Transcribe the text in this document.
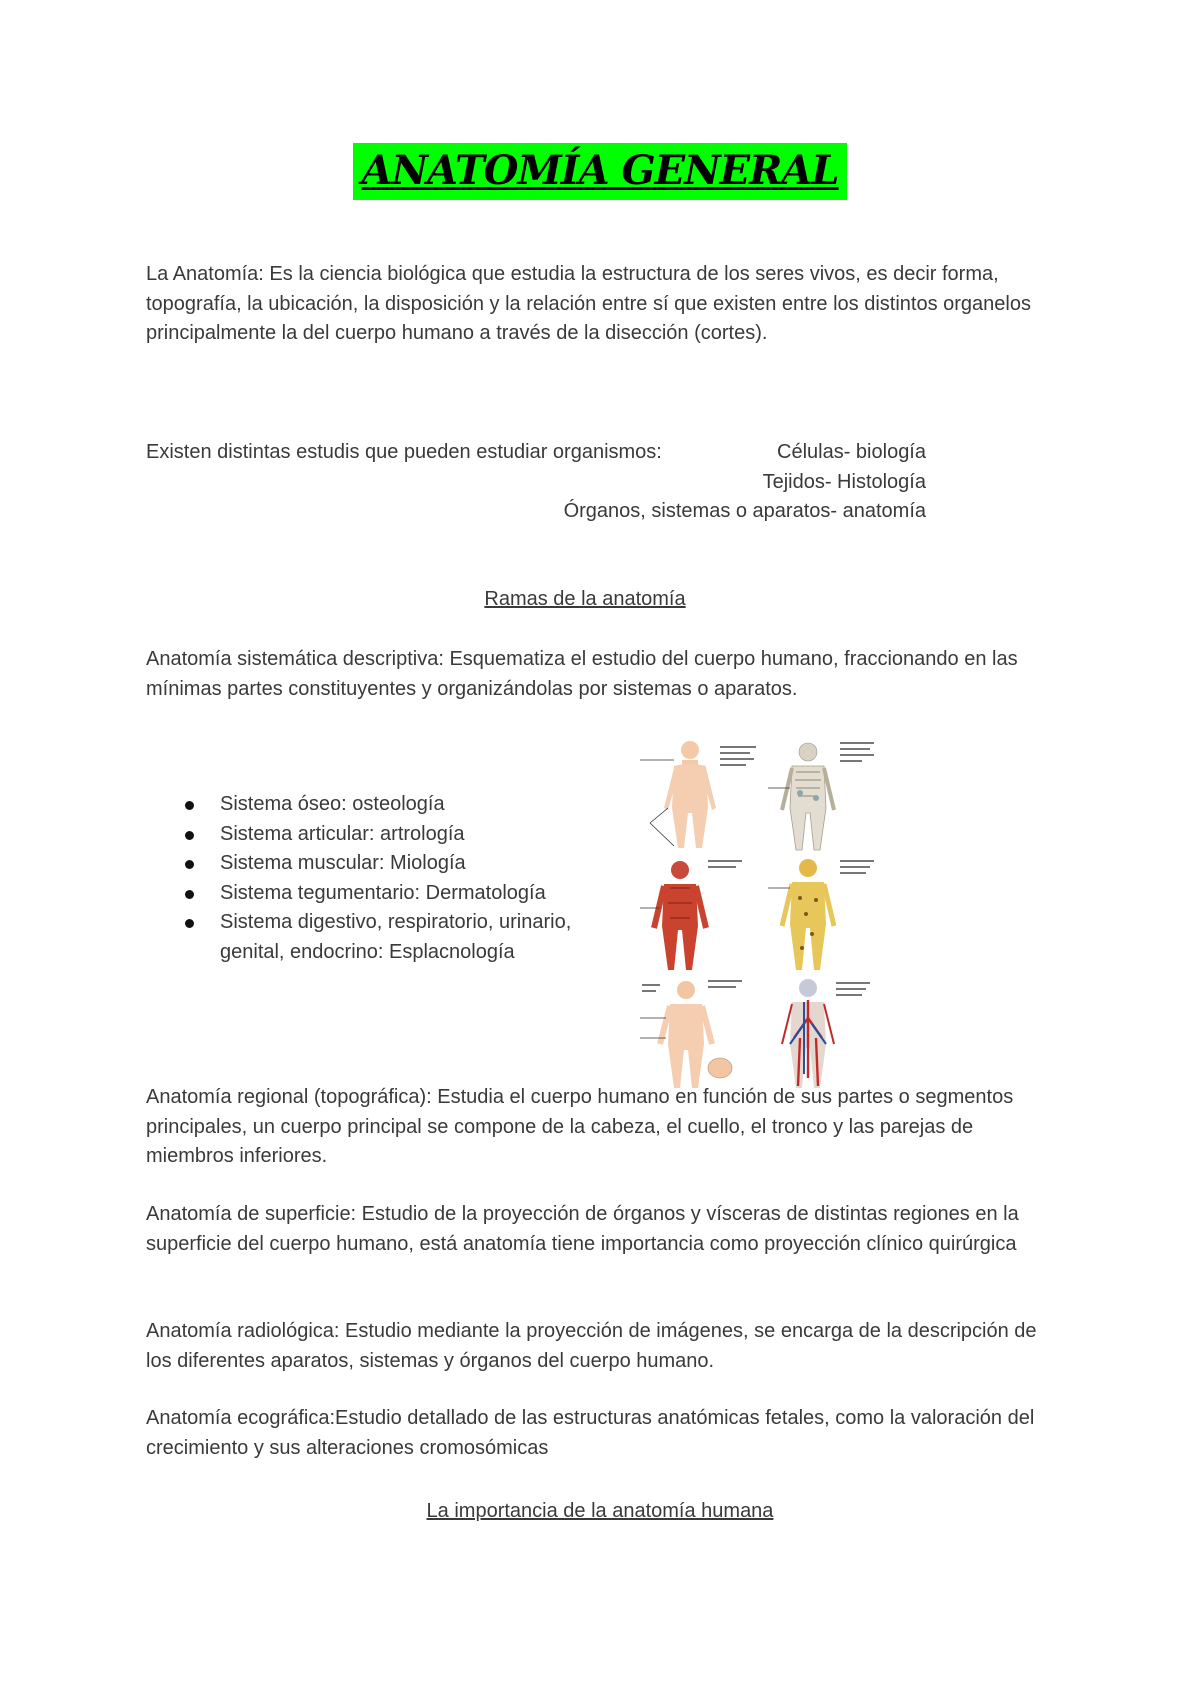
ANATOMÍA GENERAL

La Anatomía: Es la ciencia biológica que estudia la estructura de los seres vivos, es decir forma, topografía, la ubicación, la disposición y la relación entre sí que existen entre los distintos organelos principalmente la del cuerpo humano a través de la disección (cortes).

Existen distintas estudis que pueden estudiar organismos:	Células- biología
Tejidos- Histología
Órganos, sistemas o aparatos- anatomía

Ramas de la anatomía

Anatomía sistemática descriptiva: Esquematiza el estudio del cuerpo humano, fraccionando en las mínimas partes constituyentes y organizándolas por sistemas o aparatos.

Sistema óseo: osteología
Sistema articular: artrología
Sistema muscular: Miología
Sistema tegumentario: Dermatología
Sistema digestivo, respiratorio, urinario, genital, endocrino: Esplacnología

Anatomía regional (topográfica): Estudia el cuerpo humano en función de sus partes o segmentos principales, un cuerpo principal se compone de la cabeza, el cuello, el tronco y las parejas de miembros inferiores.

Anatomía de superficie: Estudio de la proyección de órganos y vísceras de distintas regiones en la superficie del cuerpo humano, está anatomía tiene importancia como proyección clínico quirúrgica

Anatomía radiológica: Estudio mediante la proyección de imágenes, se encarga de la descripción de los diferentes aparatos, sistemas y órganos del cuerpo humano.

Anatomía ecográfica:Estudio detallado de las estructuras anatómicas fetales, como la valoración del crecimiento y sus alteraciones cromosómicas

La importancia de la anatomía humana
